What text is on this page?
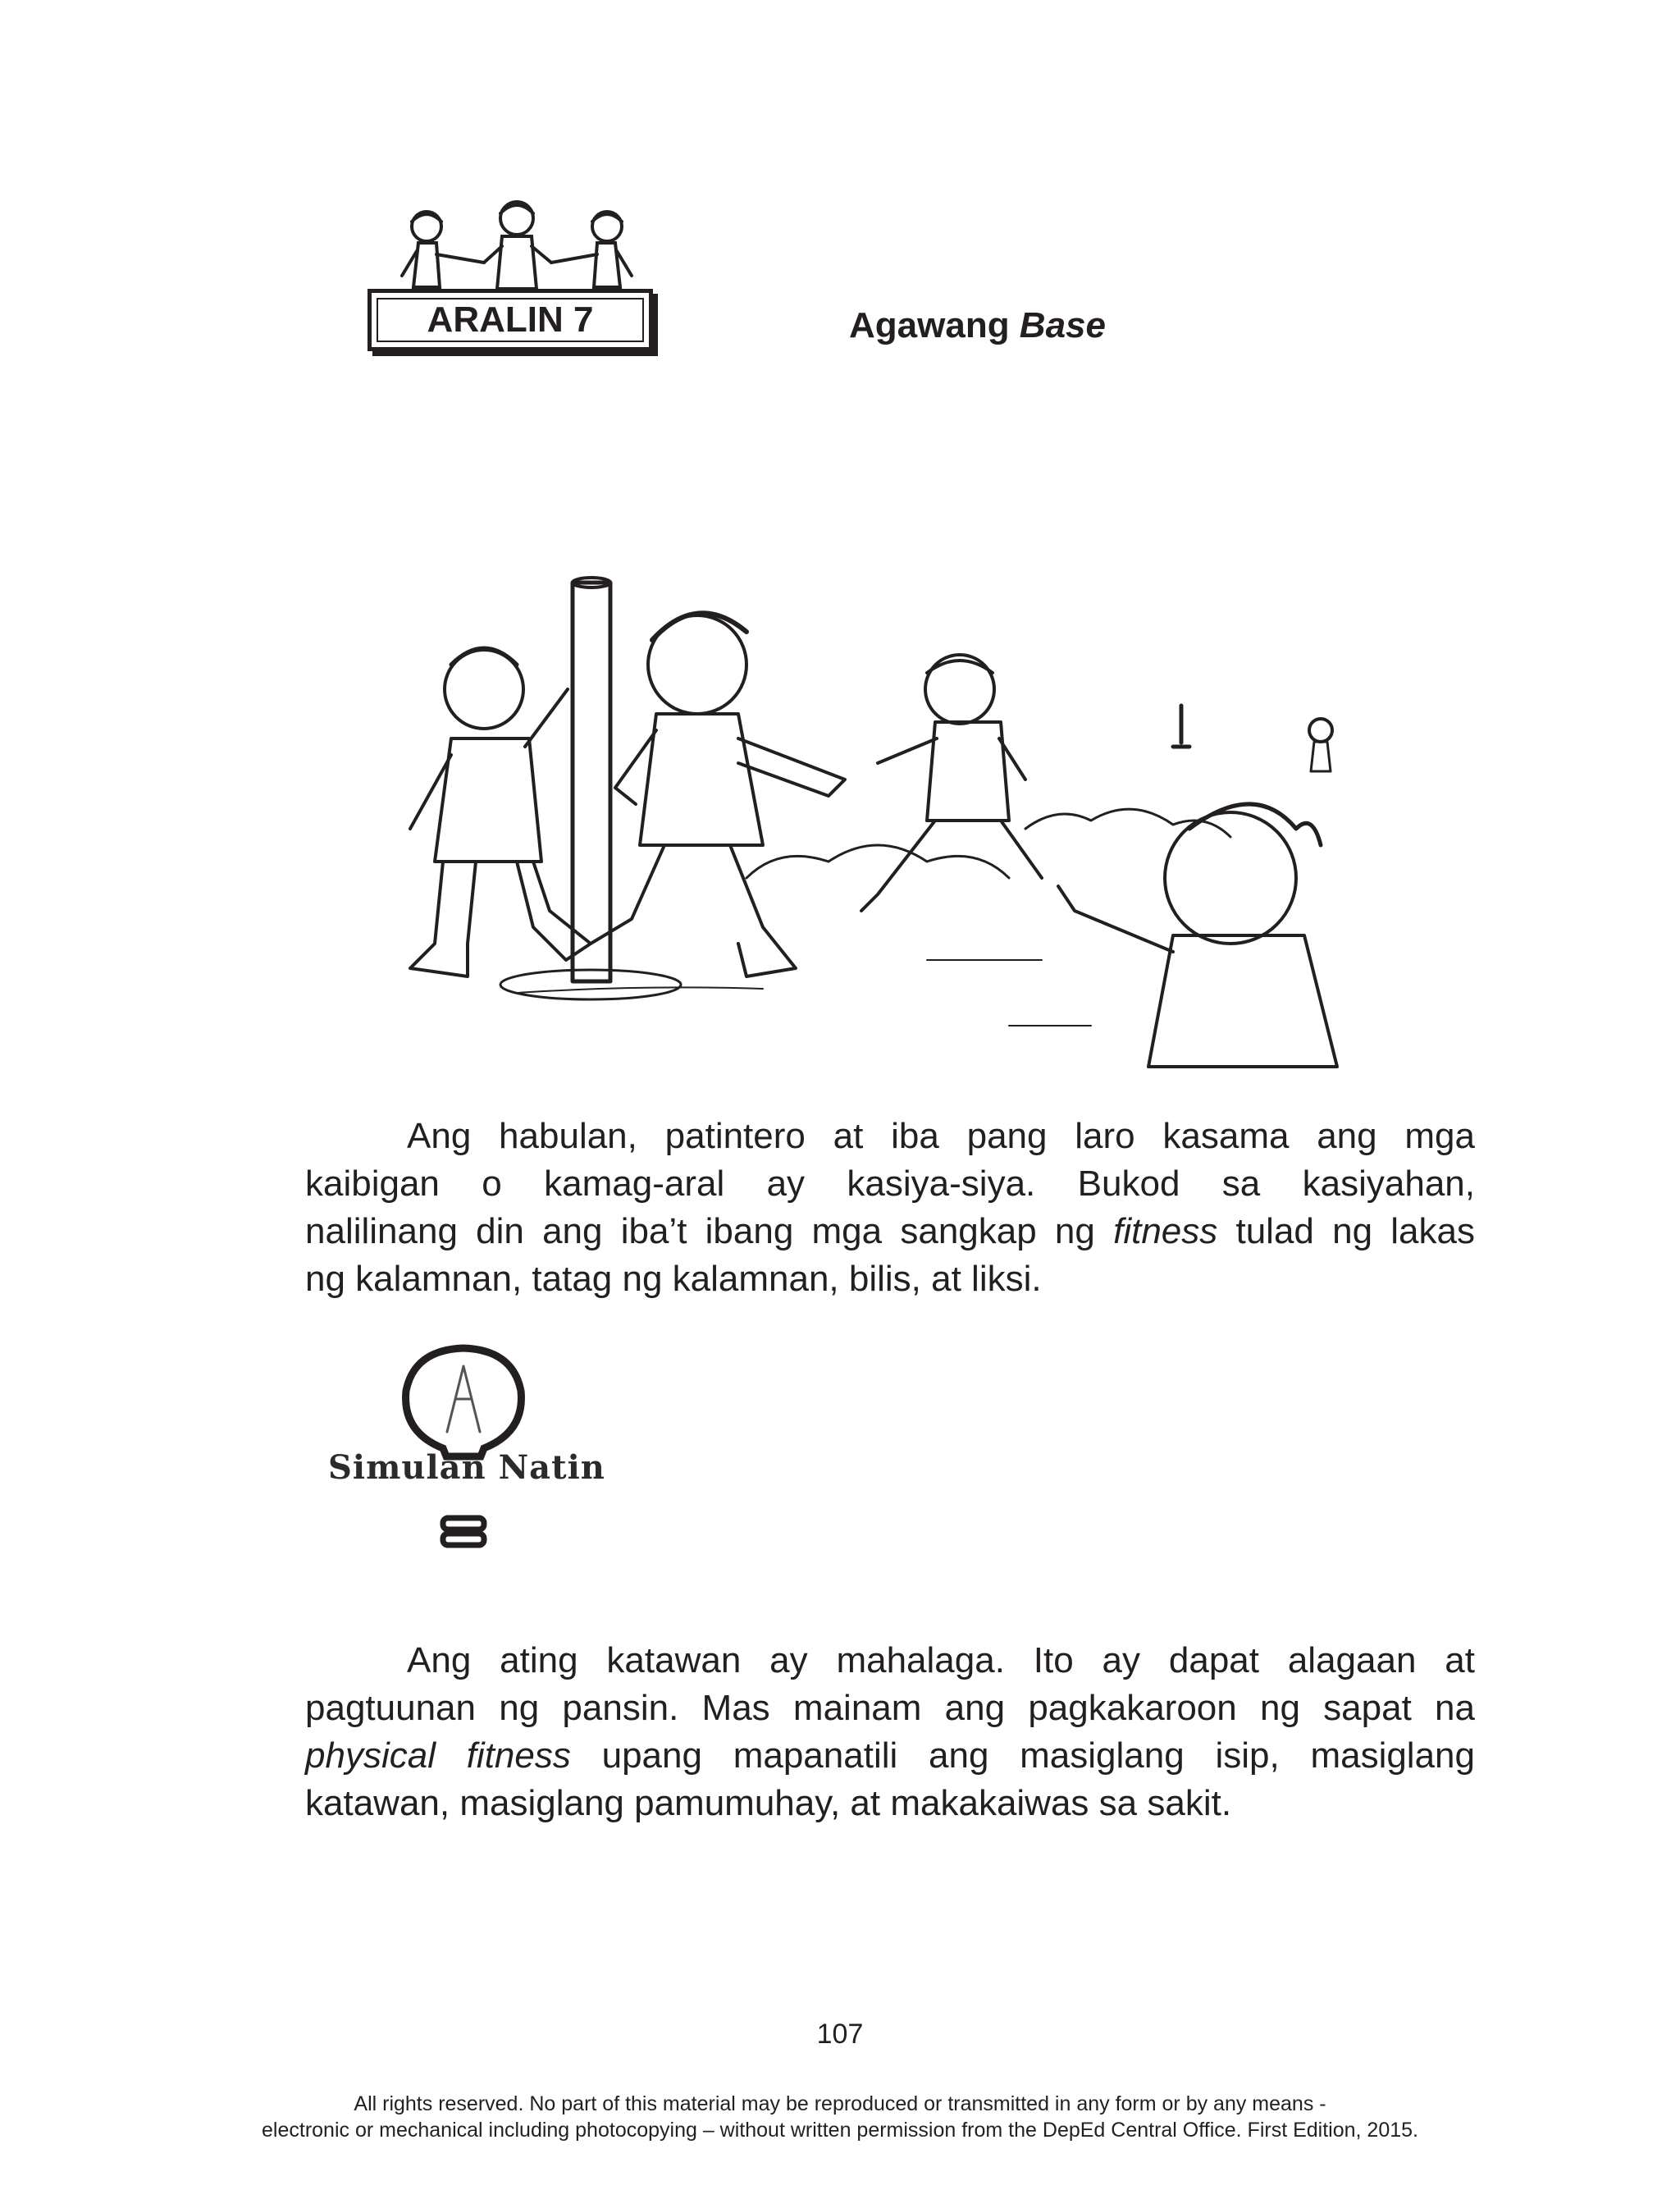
ARALIN 7	Agawang Base
Ang habulan, patintero at iba pang laro kasama ang mga
kaibigan o kamag-aral ay kasiya-siya. Bukod sa kasiyahan,
nalilinang din ang iba’t ibang mga sangkap ng fitness tulad ng lakas
ng kalamnan, tatag ng kalamnan, bilis, at liksi.
Simulan Natin
Ang ating katawan ay mahalaga. Ito ay dapat alagaan at
pagtuunan ng pansin. Mas mainam ang pagkakaroon ng sapat na
physical fitness upang mapanatili ang masiglang isip, masiglang
katawan, masiglang pamumuhay, at makakaiwas sa sakit.
107
All rights reserved. No part of this material may be reproduced or transmitted in any form or by any means -
electronic or mechanical including photocopying – without written permission from the DepEd Central Office. First Edition, 2015.
